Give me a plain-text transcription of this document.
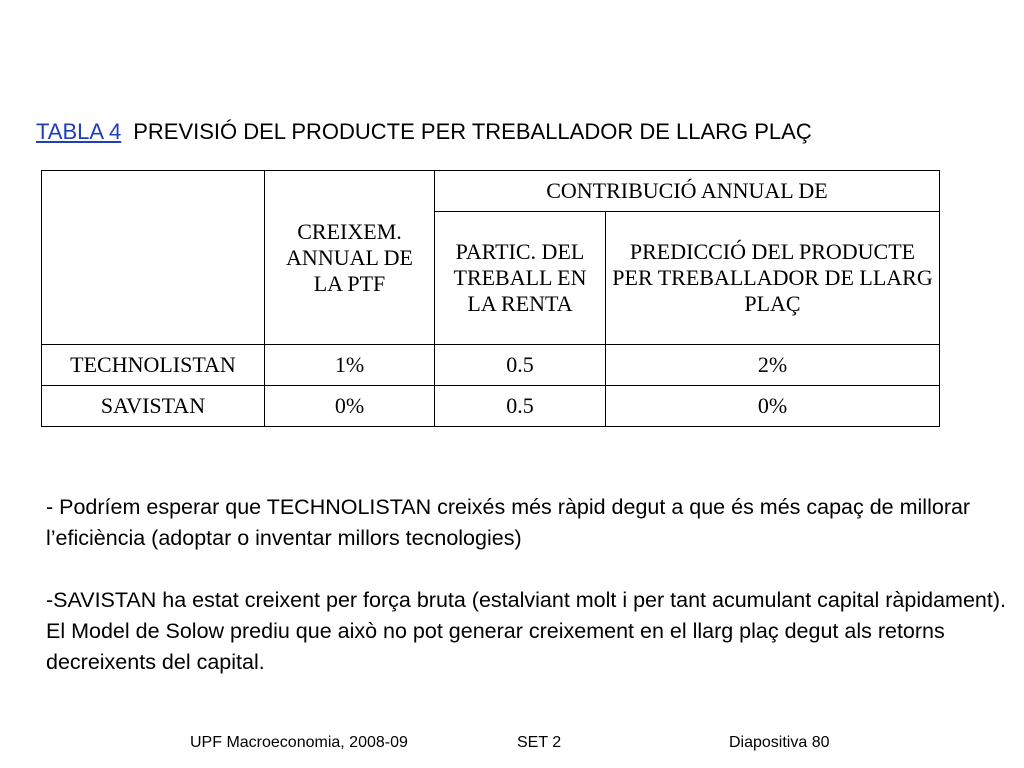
TABLA 4 PREVISIÓ DEL PRODUCTE PER TREBALLADOR DE LLARG PLAÇ
	CREIXEM. ANNUAL DE LA PTF	CONTRIBUCIÓ ANNUAL DE	
		PARTIC. DEL TREBALL EN LA RENTA	PREDICCIÓ DEL PRODUCTE PER TREBALLADOR DE LLARG PLAÇ
TECHNOLISTAN	1%	0.5	2%
SAVISTAN	0%	0.5	0%

- Podríem esperar que TECHNOLISTAN creixés més ràpid degut a que és més capaç de millorar l’eficiència (adoptar o inventar millors tecnologies)

-SAVISTAN ha estat creixent per força bruta (estalviant molt i per tant acumulant capital ràpidament). El Model de Solow prediu que això no pot generar creixement en el llarg plaç degut als retorns decreixents del capital.

UPF Macroeconomia, 2008-09	SET 2	Diapositiva 80
